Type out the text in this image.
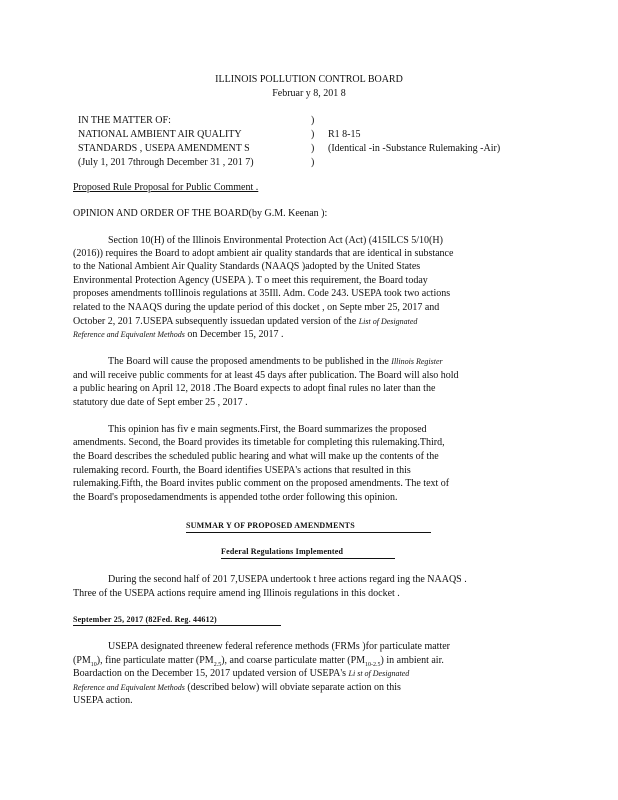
ILLINOIS POLLUTION CONTROL BOARD
Februar y 8, 201 8
IN THE MATTER OF:
NATIONAL AMBIENT AIR QUALITY
STANDARDS , USEPA AMENDMENT S
(July 1, 201 7through December 31 , 201 7)
)
)
)
)
R1 8-15
(Identical -in -Substance Rulemaking -Air)
Proposed Rule Proposal for Public Comment .
OPINION AND ORDER OF THE BOARD(by G.M. Keenan ):
Section 10(H) of the Illinois Environmental Protection Act (Act) (415ILCS 5/10(H)
(2016)) requires the Board to adopt ambient air quality standards that are identical in substance
to the National Ambient Air Quality Standards (NAAQS )adopted by the United States
Environmental Protection Agency (USEPA ). T o meet this requirement, the Board today
proposes amendments toIllinois regulations at 35Ill. Adm. Code 243. USEPA took two actions
related to the NAAQS during the update period of this docket , on Septe mber 25, 2017 and
October 2, 201 7.USEPA subsequently issuedan updated version of the List of Designated
Reference and Equivalent Methods on December 15, 2017 .
The Board will cause the proposed amendments to be published in the Illinois Register
and will receive public comments for at least 45 days after publication. The Board will also hold
a public hearing on April 12, 2018 .The Board expects to adopt final rules no later than the
statutory due date of Sept ember 25 , 2017 .
This opinion has fiv e main segments.First, the Board summarizes the proposed
amendments. Second, the Board provides its timetable for completing this rulemaking.Third,
the Board describes the scheduled public hearing and what will make up the contents of the
rulemaking record. Fourth, the Board identifies USEPA's actions that resulted in this
rulemaking.Fifth, the Board invites public comment on the proposed amendments. The text of
the Board's proposedamendments is appended tothe order following this opinion.
SUMMAR Y OF PROPOSED AMENDMENTS
Federal Regulations Implemented
During the second half of 201 7,USEPA undertook t hree actions regard ing the NAAQS .
Three of the USEPA actions require amend ing Illinois regulations in this docket .
September 25, 2017 (82Fed. Reg. 44612)
USEPA designated threenew federal reference methods (FRMs )for particulate matter
$(PM_{10})$, fine particulate matter $(PM_{2.5})$, and coarse particulate matter $(PM_{10-2.5})$ in ambient air.
Boardaction on the December 15, 2017 updated version of USEPA's Li st of Designated
Reference and Equivalent Methods (described below) will obviate separate action on this
USEPA action.
